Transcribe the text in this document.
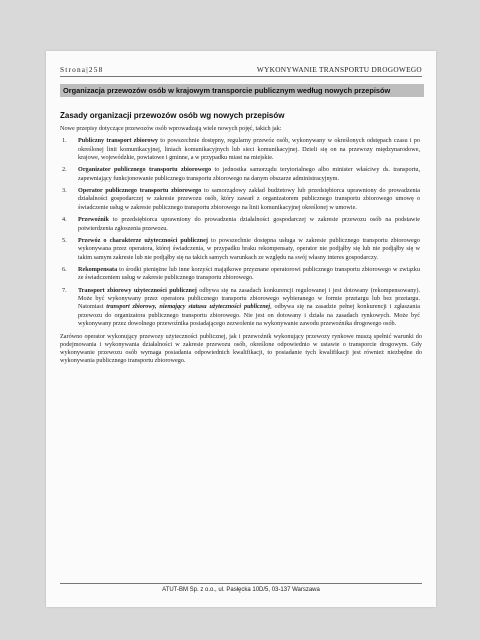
Strona|258	WYKONYWANIE TRANSPORTU DROGOWEGO
Organizacja przewozów osób w krajowym transporcie publicznym według nowych przepisów
Zasady organizacji przewozów osób wg nowych przepisów

Nowe przepisy dotyczące przewozów osób wprowadzają wiele nowych pojęć, takich jak:

1.	Publiczny transport zbiorowy to powszechnie dostępny, regularny przewóz osób, wykonywany w określonych odstępach czasu i po określonej linii komunikacyjnej, liniach komunikacyjnych lub sieci komunikacyjnej. Dzieli się on na przewozy międzynarodowe, krajowe, wojewódzkie, powiatowe i gminne, a w przypadku miast na miejskie.
2.	Organizator publicznego transportu zbiorowego to jednostka samorządu terytorialnego albo minister właściwy ds. transportu, zapewniający funkcjonowanie publicznego transportu zbiorowego na danym obszarze administracyjnym.
3.	Operator publicznego transportu zbiorowego to samorządowy zakład budżetowy lub przedsiębiorca uprawniony do prowadzenia działalności gospodarczej w zakresie przewozu osób, który zawarł z organizatorem publicznego transportu zbiorowego umowę o świadczenie usług w zakresie publicznego transportu zbiorowego na linii komunikacyjnej określonej w umowie.
4.	Przewoźnik to przedsiębiorca uprawniony do prowadzenia działalności gospodarczej w zakresie przewozu osób na podstawie potwierdzenia zgłoszenia przewozu.
5.	Przewóz o charakterze użyteczności publicznej to powszechnie dostępna usługa w zakresie publicznego transportu zbiorowego wykonywana przez operatora, której świadczenia, w przypadku braku rekompensaty, operator nie podjąłby się lub nie podjąłby się w takim samym zakresie lub nie podjąłby się na takich samych warunkach ze względu na swój własny interes gospodarczy.
6.	Rekompensata to środki pieniężne lub inne korzyści majątkowe przyznane operatorowi publicznego transportu zbiorowego w związku ze świadczeniem usług w zakresie publicznego transportu zbiorowego.
7.	Transport zbiorowy użyteczności publicznej odbywa się na zasadach konkurencji regulowanej i jest dotowany (rekompensowany). Może być wykonywany przez operatora publicznego transportu zbiorowego wybieranego w formie przetargu lub bez przetargu. Natomiast transport zbiorowy, niemający statusu użyteczności publicznej, odbywa się na zasadzie pełnej konkurencji i zgłaszania przewozu do organizatora publicznego transportu zbiorowego. Nie jest on dotowany i działa na zasadach rynkowych. Może być wykonywany przez dowolnego przewoźnika posiadającego zezwolenie na wykonywanie zawodu przewoźnika drogowego osób.

Zarówno operator wykonujący przewozy użyteczności publicznej, jak i przewoźnik wykonujący przewozy rynkowe muszą spełnić warunki do podejmowania i wykonywania działalności w zakresie przewozu osób, określone odpowiednio w ustawie o transporcie drogowym. Gdy wykonywanie przewozu osób wymaga posiadania odpowiednich kwalifikacji, to posiadanie tych kwalifikacji jest również niezbędne do wykonywania publicznego transportu zbiorowego.

ATUT-BM Sp. z o.o., ul. Pasłęcka 10D/5, 03-137 Warszawa
